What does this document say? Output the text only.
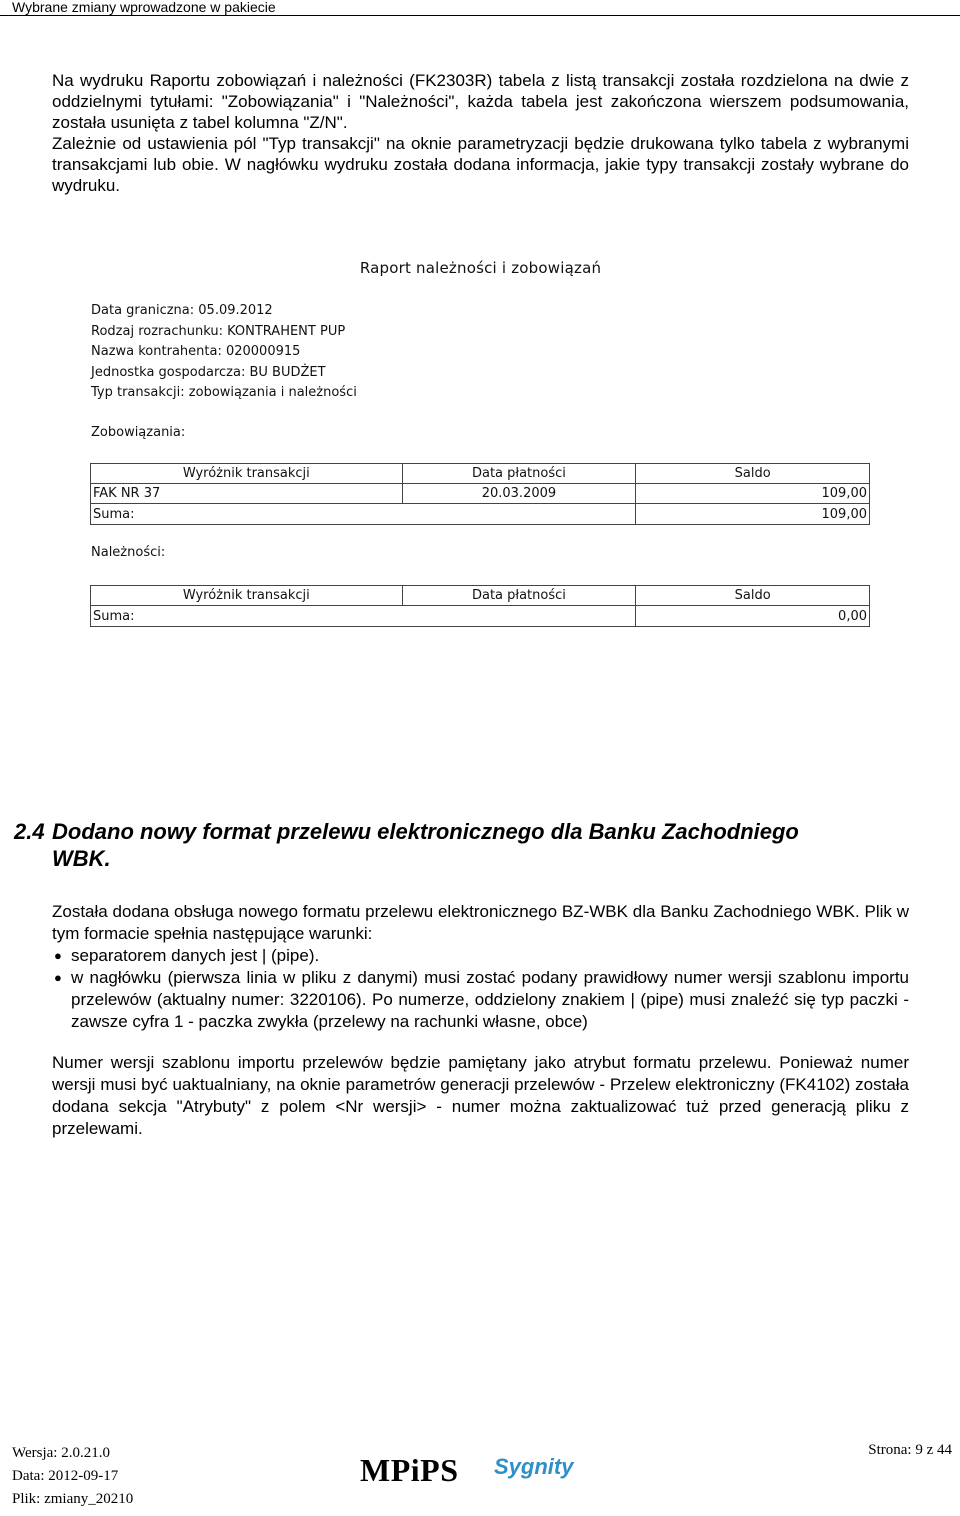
Wybrane zmiany wprowadzone w pakiecie

Na wydruku Raportu zobowiązań i należności (FK2303R) tabela z listą transakcji została rozdzielona na dwie z oddzielnymi tytułami: "Zobowiązania" i "Należności", każda tabela jest zakończona wierszem podsumowania, została usunięta z tabel kolumna "Z/N".

Zależnie od ustawienia pól "Typ transakcji" na oknie parametryzacji będzie drukowana tylko tabela z wybranymi transakcjami lub obie. W nagłówku wydruku została dodana informacja, jakie typy transakcji zostały wybrane do wydruku.

Raport należności i zobowiązań
Data graniczna: 05.09.2012
Rodzaj rozrachunku: KONTRAHENT PUP
Nazwa kontrahenta: 020000915
Jednostka gospodarcza: BU BUDŻET
Typ transakcji: zobowiązania i należności
Zobowiązania:
Wyróżnik transakcji	Data płatności	Saldo
FAK NR 37	20.03.2009	109,00
Suma:		109,00
Należności:
Wyróżnik transakcji	Data płatności	Saldo
Suma:		0,00
2.4 Dodano nowy format przelewu elektronicznego dla Banku Zachodniego
WBK.

Została dodana obsługa nowego formatu przelewu elektronicznego BZ-WBK dla Banku Zachodniego WBK. Plik w tym formacie spełnia następujące warunki:

● separatorem danych jest | (pipe).
● w nagłówku (pierwsza linia w pliku z danymi) musi zostać podany prawidłowy numer wersji szablonu importu przelewów (aktualny numer: 3220106). Po numerze, oddzielony znakiem | (pipe) musi znaleźć się typ paczki - zawsze cyfra 1 - paczka zwykła (przelewy na rachunki własne, obce)

Numer wersji szablonu importu przelewów będzie pamiętany jako atrybut formatu przelewu. Ponieważ numer wersji musi być uaktualniany, na oknie parametrów generacji przelewów - Przelew elektroniczny (FK4102) została dodana sekcja "Atrybuty" z polem <Nr wersji> - numer można zaktualizować tuż przed generacją pliku z przelewami.

Wersja: 2.0.21.0
Data: 2012-09-17
Plik: zmiany_20210
MPiPS Sygnity
Strona: 9 z 44
